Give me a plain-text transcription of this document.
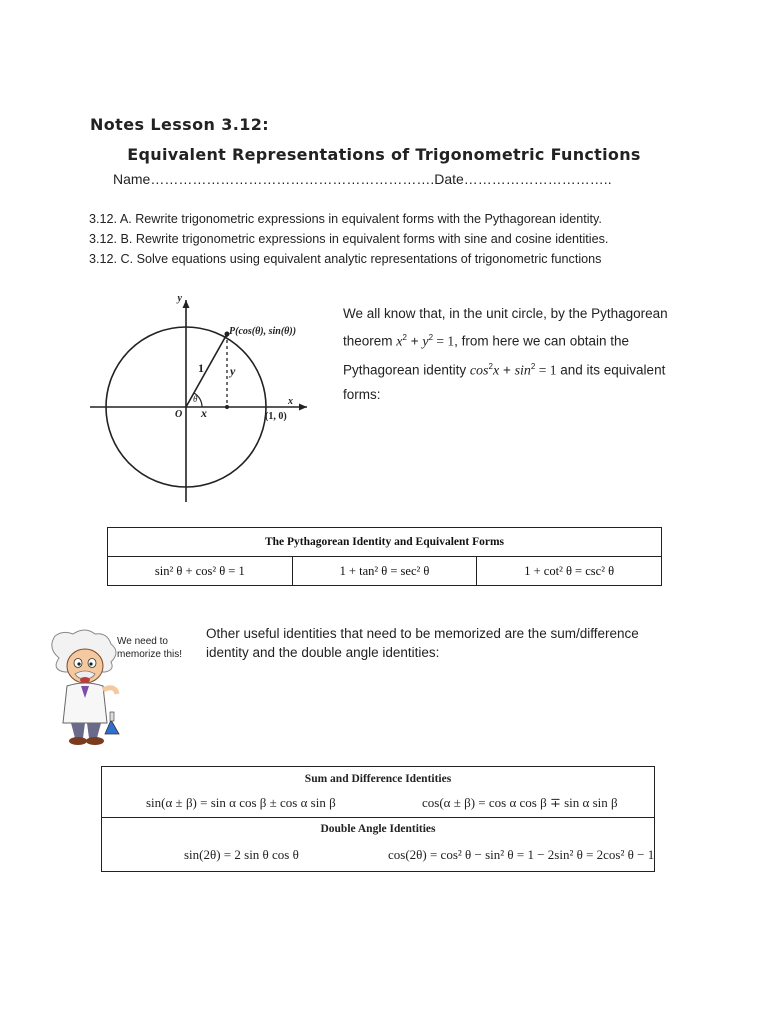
Notes Lesson 3.12:
Equivalent Representations of Trigonometric Functions
Name…………………………………………………….Date…………………………..
3.12. A. Rewrite trigonometric expressions in equivalent forms with the Pythagorean identity.
3.12. B. Rewrite trigonometric expressions in equivalent forms with sine and cosine identities.
3.12. C. Solve equations using equivalent analytic representations of trigonometric functions
y
x
O
P(cos(θ), sin(θ))
1
θ
x
y
(1, 0)
We all know that, in the unit circle, by the Pythagorean theorem $x^2 + y^2 = 1$, from here we can obtain the Pythagorean identity $\cos^2x + \sin^2 = 1$ and its equivalent forms:
The Pythagorean Identity and Equivalent Forms
sin² θ + cos² θ = 1	1 + tan² θ = sec² θ	1 + cot² θ = csc² θ
We need to
memorize this!
Other useful identities that need to be memorized are the sum/difference identity and the double angle identities:
Sum and Difference Identities
sin(α ± β) = sin α cos β ± cos α sin β	cos(α ± β) = cos α cos β ∓ sin α sin β
Double Angle Identities
sin(2θ) = 2 sin θ cos θ	cos(2θ) = cos² θ − sin² θ = 1 − 2sin² θ = 2cos² θ − 1
